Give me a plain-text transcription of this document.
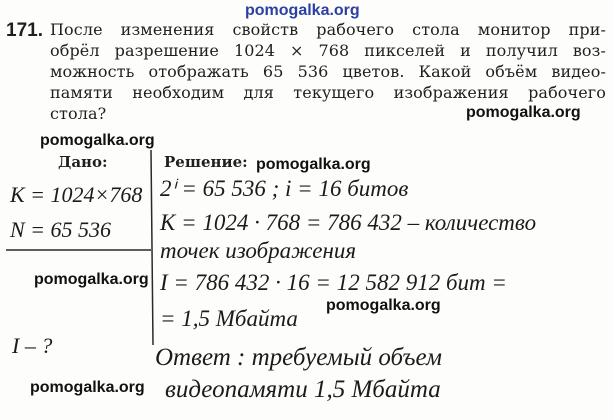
pomogalka.org
pomogalka.org
pomogalka.org
pomogalka.org
pomogalka.org
pomogalka.org
pomogalka.org
171. После изменения свойств рабочего стола монитор при-
обрёл разрешение 1024 × 768 пикселей и получил воз-
можность отображать 65 536 цветов. Какой объём видео-
памяти необходим для текущего изображения рабочего
стола?
Дано:
K = 1024×768
N = 65 536
I – ?
Решение:
2ⁱ = 65 536 ; i = 16 битов
K = 1024 · 768 = 786 432 – количество
точек изображения
I = 786 432 · 16 = 12 582 912 бит =
= 1,5 Мбайта
Ответ : требуемый объем
видеопамяти 1,5 Мбайта
